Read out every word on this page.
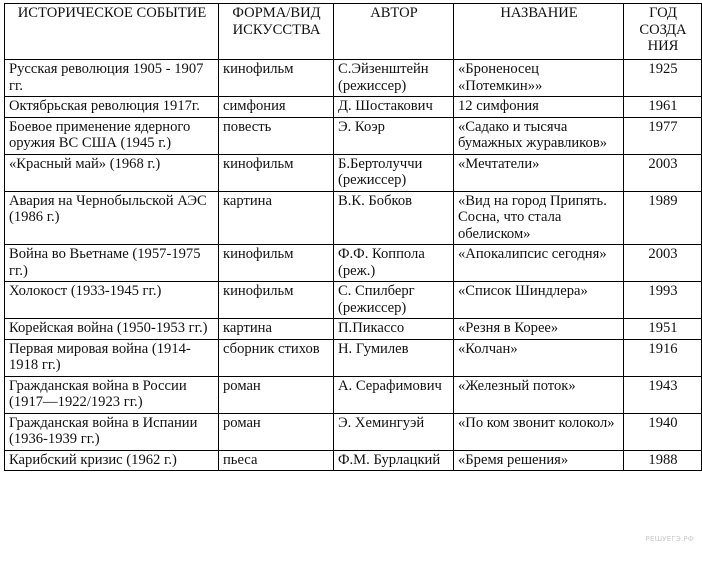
ИСТОРИЧЕСКОЕ СОБЫТИЕ	ФОРМА/ВИД ИСКУССТВА	АВТОР	НАЗВАНИЕ	ГОД СОЗДА НИЯ
Русская революция 1905 - 1907 гг.	кинофильм	С.Эйзенштейн (режиссер)	«Броненосец «Потемкин»»	1925
Октябрьская революция 1917г.	симфония	Д. Шостакович	12 симфония	1961
Боевое применение ядерного оружия ВС США (1945 г.)	повесть	Э. Коэр	«Садако и тысяча бумажных журавликов»	1977
«Красный май» (1968 г.)	кинофильм	Б.Бертолуччи (режиссер)	«Мечтатели»	2003
Авария на Чернобыльской АЭС (1986 г.)	картина	В.К. Бобков	«Вид на город Припять. Сосна, что стала обелиском»	1989
Война во Вьетнаме (1957-1975 гг.)	кинофильм	Ф.Ф. Коппола (реж.)	«Апокалипсис сегодня»	2003
Холокост (1933-1945 гг.)	кинофильм	С. Спилберг (режиссер)	«Список Шиндлера»	1993
Корейская война (1950-1953 гг.)	картина	П.Пикассо	«Резня в Корее»	1951
Первая мировая война (1914-1918 гг.)	сборник стихов	Н. Гумилев	«Колчан»	1916
Гражданская война в России (1917—1922/1923 гг.)	роман	А. Серафимович	«Железный поток»	1943
Гражданская война в Испании (1936-1939 гг.)	роман	Э. Хемингуэй	«По ком звонит колокол»	1940
Карибский кризис (1962 г.)	пьеса	Ф.М. Бурлацкий	«Бремя решения»	1988
РЕШУЕГЭ.РФ
